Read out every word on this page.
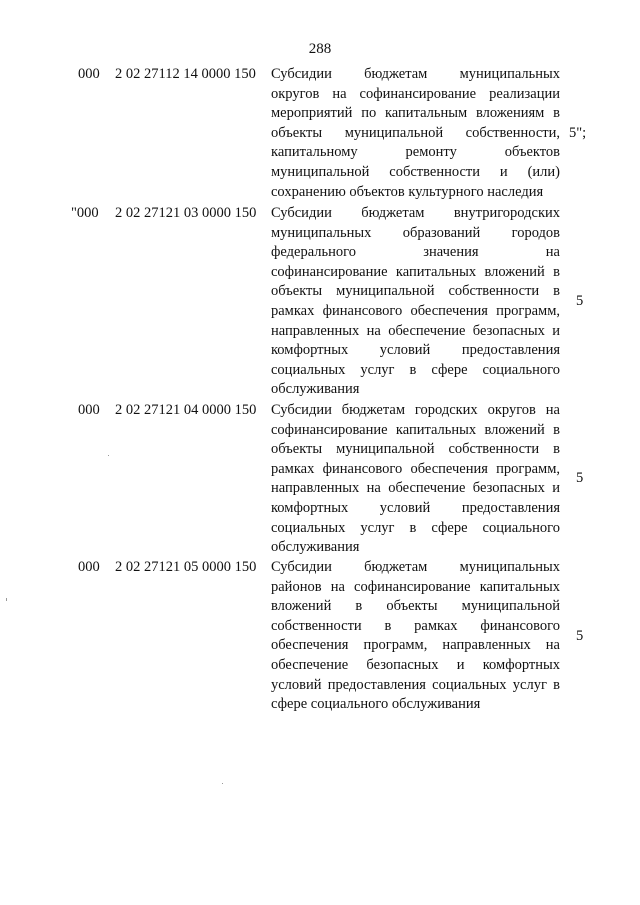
288
000 2 02 27112 14 0000 150 Субсидии бюджетам муниципальных
округов на софинансирование реализации
мероприятий по капитальным вложениям в
объекты муниципальной собственности,
капитальному ремонту объектов
муниципальной собственности и (или)
сохранению объектов культурного наследия
5";
"000 2 02 27121 03 0000 150 Субсидии бюджетам внутригородских
муниципальных образований городов
федерального значения на
софинансирование капитальных вложений в
объекты муниципальной собственности в
рамках финансового обеспечения программ,
направленных на обеспечение безопасных и
комфортных условий предоставления
социальных услуг в сфере социального
обслуживания
5
000 2 02 27121 04 0000 150 Субсидии бюджетам городских округов на
софинансирование капитальных вложений в
объекты муниципальной собственности в
рамках финансового обеспечения программ,
направленных на обеспечение безопасных и
комфортных условий предоставления
социальных услуг в сфере социального
обслуживания
5
000 2 02 27121 05 0000 150 Субсидии бюджетам муниципальных
районов на софинансирование капитальных
вложений в объекты муниципальной
собственности в рамках финансового
обеспечения программ, направленных на
обеспечение безопасных и комфортных
условий предоставления социальных услуг в
сфере социального обслуживания
5
